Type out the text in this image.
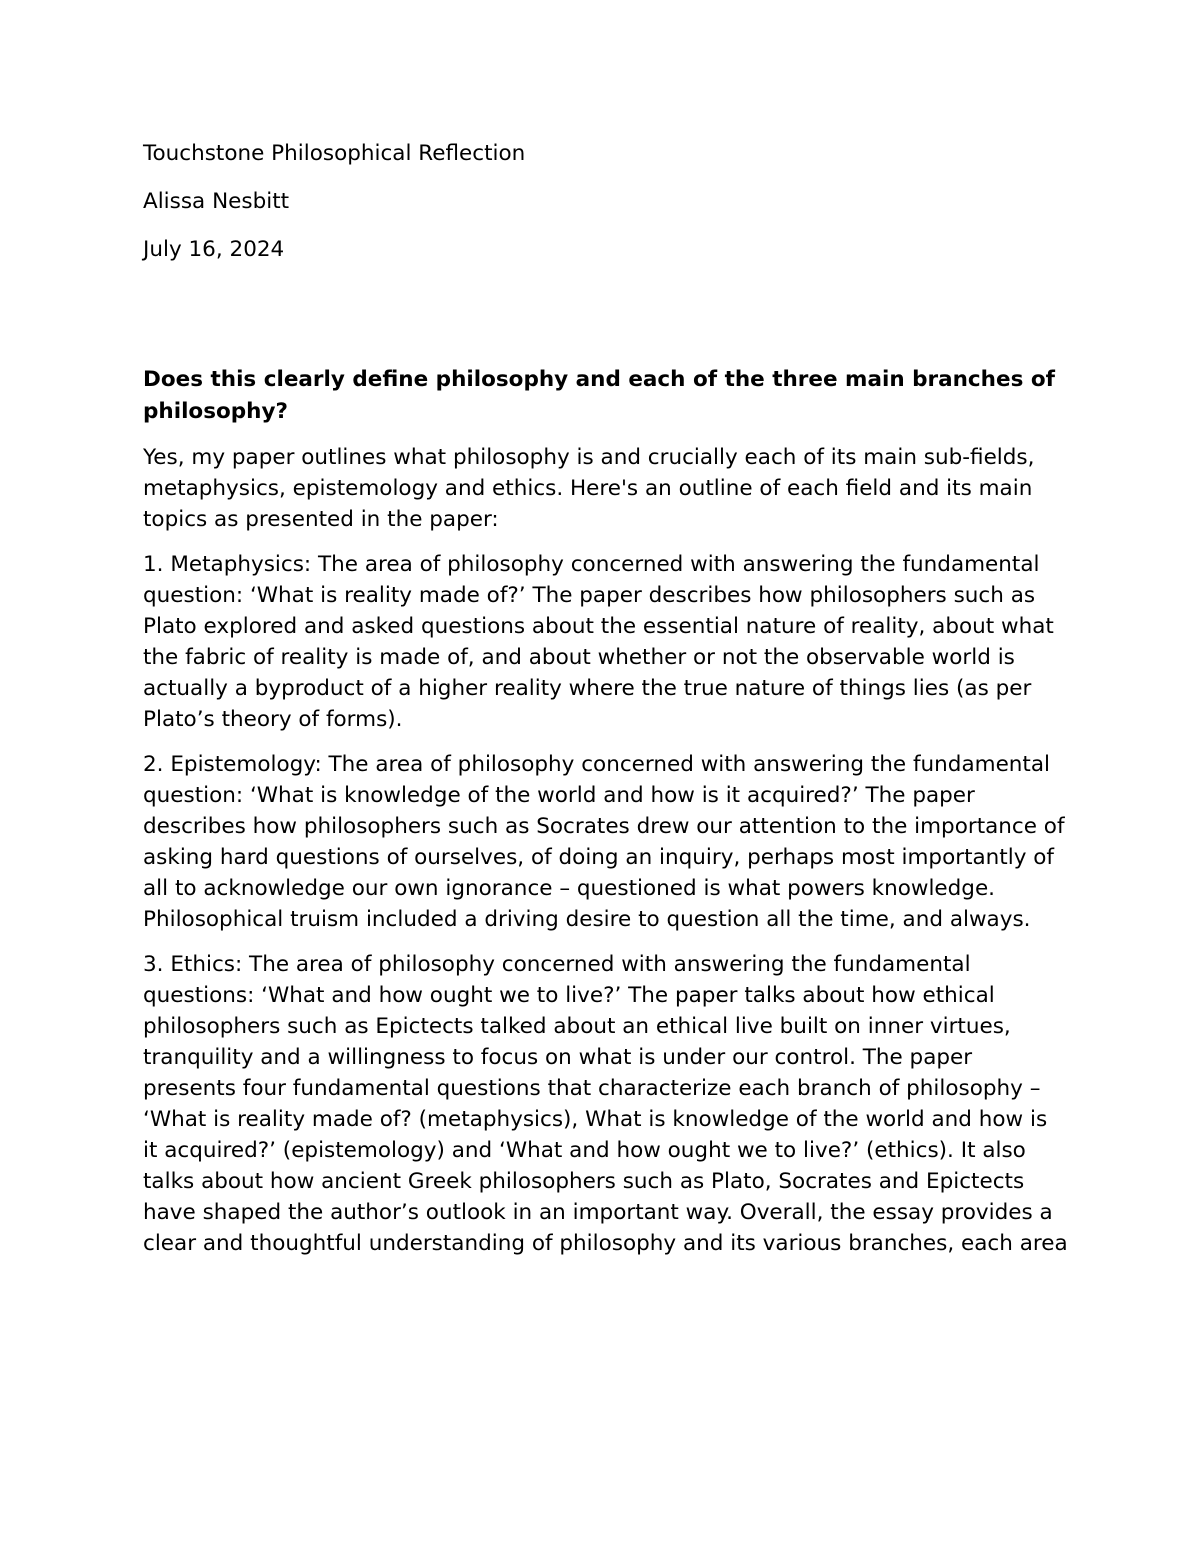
Touchstone Philosophical Reflection
Alissa Nesbitt
July 16, 2024
Does this clearly define philosophy and each of the three main branches of philosophy?
Yes, my paper outlines what philosophy is and crucially each of its main sub-fields, metaphysics, epistemology and ethics. Here's an outline of each field and its main topics as presented in the paper:
1. Metaphysics: The area of philosophy concerned with answering the fundamental question: ‘What is reality made of?’ The paper describes how philosophers such as Plato explored and asked questions about the essential nature of reality, about what the fabric of reality is made of, and about whether or not the observable world is actually a byproduct of a higher reality where the true nature of things lies (as per Plato’s theory of forms).
2. Epistemology: The area of philosophy concerned with answering the fundamental question: ‘What is knowledge of the world and how is it acquired?’ The paper describes how philosophers such as Socrates drew our attention to the importance of asking hard questions of ourselves, of doing an inquiry, perhaps most importantly of all to acknowledge our own ignorance – questioned is what powers knowledge. Philosophical truism included a driving desire to question all the time, and always.
3. Ethics: The area of philosophy concerned with answering the fundamental questions: ‘What and how ought we to live?’ The paper talks about how ethical philosophers such as Epictects talked about an ethical live built on inner virtues, tranquility and a willingness to focus on what is under our control. The paper presents four fundamental questions that characterize each branch of philosophy – ‘What is reality made of? (metaphysics), What is knowledge of the world and how is it acquired?’ (epistemology) and ‘What and how ought we to live?’ (ethics). It also talks about how ancient Greek philosophers such as Plato, Socrates and Epictects have shaped the author’s outlook in an important way. Overall, the essay provides a clear and thoughtful understanding of philosophy and its various branches, each area
